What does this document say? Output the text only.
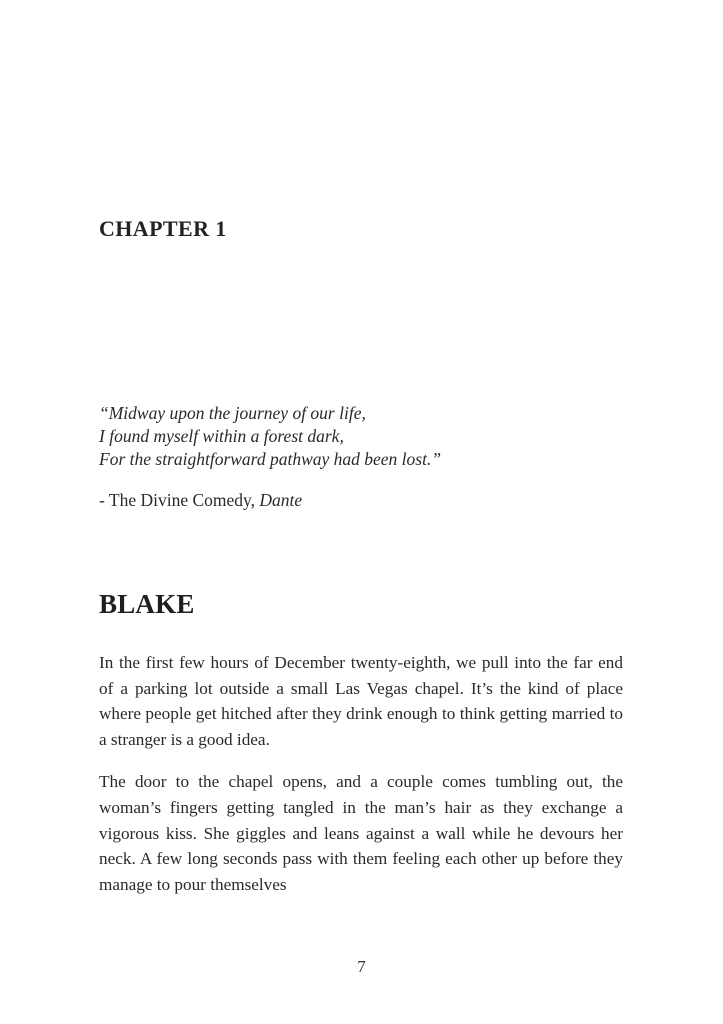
CHAPTER 1
“Midway upon the journey of our life,
I found myself within a forest dark,
For the straightforward pathway had been lost.”
- The Divine Comedy, Dante
BLAKE

In the first few hours of December twenty-eighth, we pull into the far end of a parking lot outside a small Las Vegas chapel. It’s the kind of place where people get hitched after they drink enough to think getting married to a stranger is a good idea.

The door to the chapel opens, and a couple comes tumbling out, the woman’s fingers getting tangled in the man’s hair as they exchange a vigorous kiss. She giggles and leans against a wall while he devours her neck. A few long seconds pass with them feeling each other up before they manage to pour themselves

7
